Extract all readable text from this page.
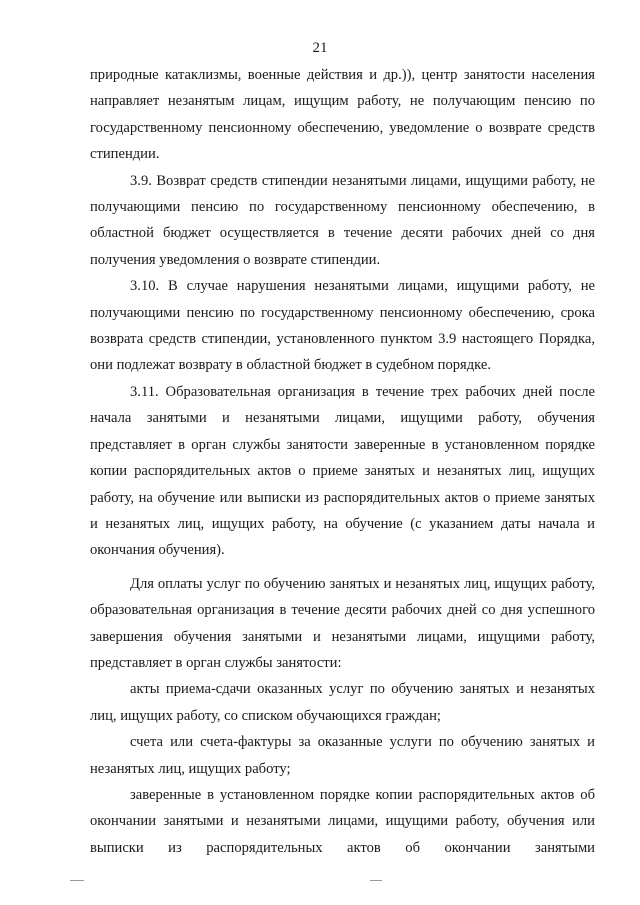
21

природные катаклизмы, военные действия и др.)), центр занятости населения направляет незанятым лицам, ищущим работу, не получающим пенсию по государственному пенсионному обеспечению, уведомление о возврате средств стипендии.

3.9. Возврат средств стипендии незанятыми лицами, ищущими работу, не получающими пенсию по государственному пенсионному обеспечению, в областной бюджет осуществляется в течение десяти рабочих дней со дня получения уведомления о возврате стипендии.

3.10. В случае нарушения незанятыми лицами, ищущими работу, не получающими пенсию по государственному пенсионному обеспечению, срока возврата средств стипендии, установленного пунктом 3.9 настоящего Порядка, они подлежат возврату в областной бюджет в судебном порядке.

3.11. Образовательная организация в течение трех рабочих дней после начала занятыми и незанятыми лицами, ищущими работу, обучения представляет в орган службы занятости заверенные в установленном порядке копии распорядительных актов о приеме занятых и незанятых лиц, ищущих работу, на обучение или выписки из распорядительных актов о приеме занятых и незанятых лиц, ищущих работу, на обучение (с указанием даты начала и окончания обучения).

Для оплаты услуг по обучению занятых и незанятых лиц, ищущих работу, образовательная организация в течение десяти рабочих дней со дня успешного завершения обучения занятыми и незанятыми лицами, ищущими работу, представляет в орган службы занятости:

акты приема-сдачи оказанных услуг по обучению занятых и незанятых лиц, ищущих работу, со списком обучающихся граждан;

счета или счета-фактуры за оказанные услуги по обучению занятых и незанятых лиц, ищущих работу;

заверенные в установленном порядке копии распорядительных актов об окончании занятыми и незанятыми лицами, ищущими работу, обучения или выписки из распорядительных актов об окончании занятыми
